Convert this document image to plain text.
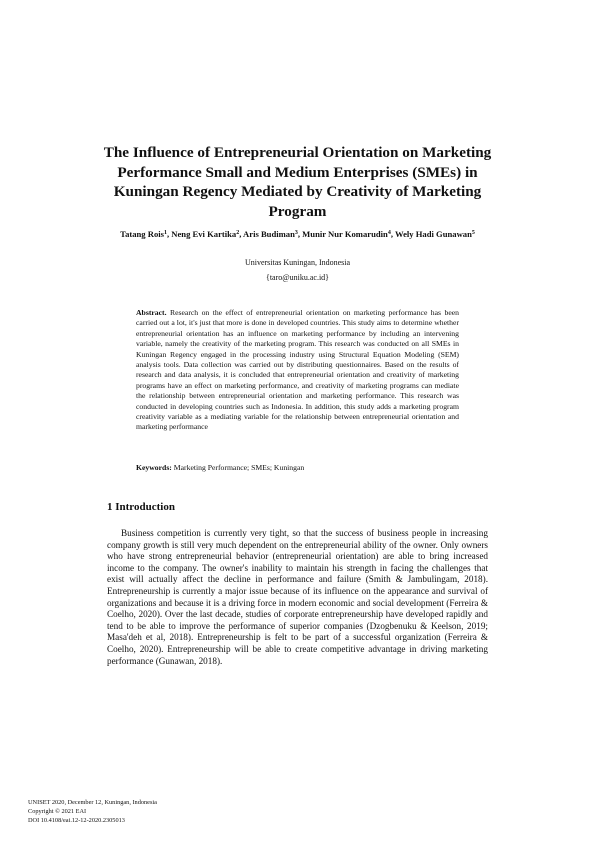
The Influence of Entrepreneurial Orientation on Marketing Performance Small and Medium Enterprises (SMEs) in Kuningan Regency Mediated by Creativity of Marketing Program
Tatang Rois$^1$, Neng Evi Kartika$^2$, Aris Budiman$^3$, Munir Nur Komarudin$^4$, Wely Hadi Gunawan$^5$
Universitas Kuningan, Indonesia
{taro@uniku.ac.id}
Abstract. Research on the effect of entrepreneurial orientation on marketing performance has been carried out a lot, it's just that more is done in developed countries. This study aims to determine whether entrepreneurial orientation has an influence on marketing performance by including an intervening variable, namely the creativity of the marketing program. This research was conducted on all SMEs in Kuningan Regency engaged in the processing industry using Structural Equation Modeling (SEM) analysis tools. Data collection was carried out by distributing questionnaires. Based on the results of research and data analysis, it is concluded that entrepreneurial orientation and creativity of marketing programs have an effect on marketing performance, and creativity of marketing programs can mediate the relationship between entrepreneurial orientation and marketing performance. This research was conducted in developing countries such as Indonesia. In addition, this study adds a marketing program creativity variable as a mediating variable for the relationship between entrepreneurial orientation and marketing performance
Keywords: Marketing Performance; SMEs; Kuningan
1 Introduction
Business competition is currently very tight, so that the success of business people in increasing company growth is still very much dependent on the entrepreneurial ability of the owner. Only owners who have strong entrepreneurial behavior (entrepreneurial orientation) are able to bring increased income to the company. The owner's inability to maintain his strength in facing the challenges that exist will actually affect the decline in performance and failure (Smith & Jambulingam, 2018). Entrepreneurship is currently a major issue because of its influence on the appearance and survival of organizations and because it is a driving force in modern economic and social development (Ferreira & Coelho, 2020). Over the last decade, studies of corporate entrepreneurship have developed rapidly and tend to be able to improve the performance of superior companies (Dzogbenuku & Keelson, 2019; Masa'deh et al, 2018). Entrepreneurship is felt to be part of a successful organization (Ferreira & Coelho, 2020). Entrepreneurship will be able to create competitive advantage in driving marketing performance (Gunawan, 2018).
UNISET 2020, December 12, Kuningan, Indonesia
Copyright © 2021 EAI
DOI 10.4108/eai.12-12-2020.2305013
